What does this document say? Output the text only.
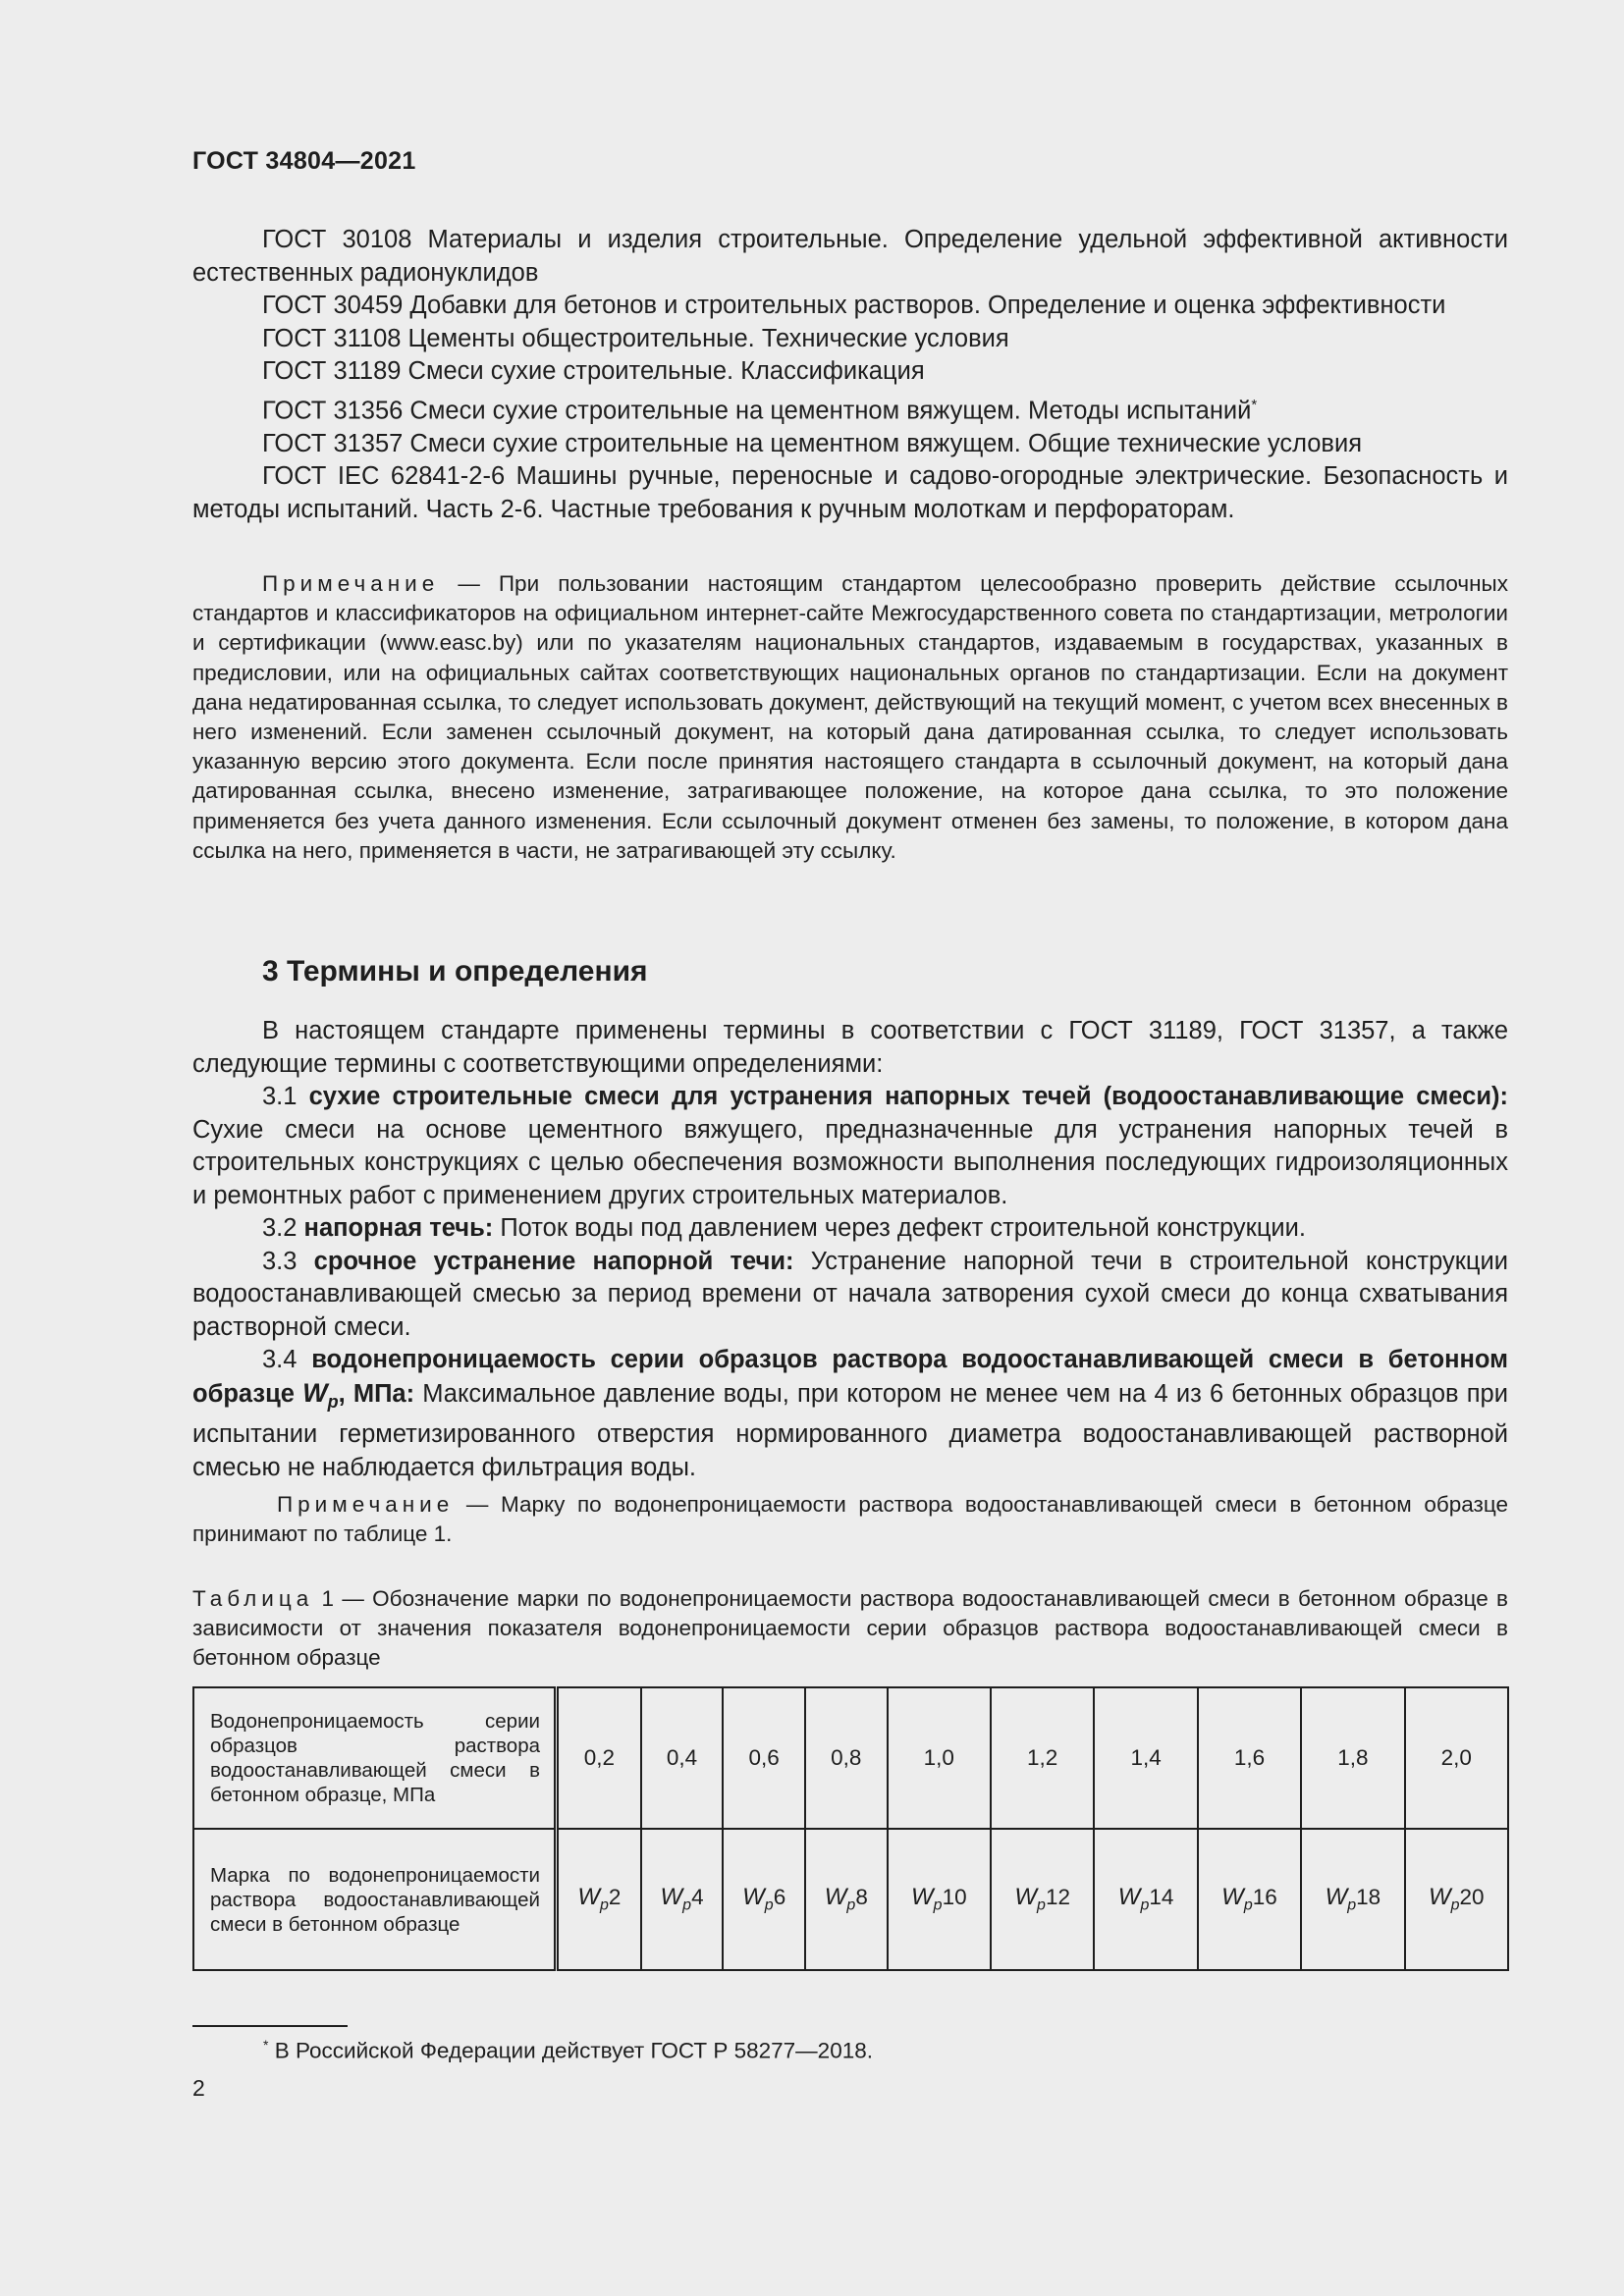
ГОСТ 34804—2021

ГОСТ 30108 Материалы и изделия строительные. Определение удельной эффективной активности естественных радионуклидов

ГОСТ 30459 Добавки для бетонов и строительных растворов. Определение и оценка эффективности

ГОСТ 31108 Цементы общестроительные. Технические условия

ГОСТ 31189 Смеси сухие строительные. Классификация

ГОСТ 31356 Смеси сухие строительные на цементном вяжущем. Методы испытаний*

ГОСТ 31357 Смеси сухие строительные на цементном вяжущем. Общие технические условия

ГОСТ IEC 62841-2-6 Машины ручные, переносные и садово-огородные электрические. Безопасность и методы испытаний. Часть 2-6. Частные требования к ручным молоткам и перфораторам.

Примечание — При пользовании настоящим стандартом целесообразно проверить действие ссылочных стандартов и классификаторов на официальном интернет-сайте Межгосударственного совета по стандартизации, метрологии и сертификации (www.easc.by) или по указателям национальных стандартов, издаваемым в государствах, указанных в предисловии, или на официальных сайтах соответствующих национальных органов по стандартизации. Если на документ дана недатированная ссылка, то следует использовать документ, действующий на текущий момент, с учетом всех внесенных в него изменений. Если заменен ссылочный документ, на который дана датированная ссылка, то следует использовать указанную версию этого документа. Если после принятия настоящего стандарта в ссылочный документ, на который дана датированная ссылка, внесено изменение, затрагивающее положение, на которое дана ссылка, то это положение применяется без учета данного изменения. Если ссылочный документ отменен без замены, то положение, в котором дана ссылка на него, применяется в части, не затрагивающей эту ссылку.
3 Термины и определения

В настоящем стандарте применены термины в соответствии с ГОСТ 31189, ГОСТ 31357, а также следующие термины с соответствующими определениями:

3.1 сухие строительные смеси для устранения напорных течей (водоостанавливающие смеси): Сухие смеси на основе цементного вяжущего, предназначенные для устранения напорных течей в строительных конструкциях с целью обеспечения возможности выполнения последующих гидроизоляционных и ремонтных работ с применением других строительных материалов.

3.2 напорная течь: Поток воды под давлением через дефект строительной конструкции.

3.3 срочное устранение напорной течи: Устранение напорной течи в строительной конструкции водоостанавливающей смесью за период времени от начала затворения сухой смеси до конца схватывания растворной смеси.

3.4 водонепроницаемость серии образцов раствора водоостанавливающей смеси в бетонном образце $W_p$, МПа: Максимальное давление воды, при котором не менее чем на 4 из 6 бетонных образцов при испытании герметизированного отверстия нормированного диаметра водоостанавливающей растворной смесью не наблюдается фильтрация воды.

Примечание — Марку по водонепроницаемости раствора водоостанавливающей смеси в бетонном образце принимают по таблице 1.
Таблица 1 — Обозначение марки по водонепроницаемости раствора водоостанавливающей смеси в бетонном образце в зависимости от значения показателя водонепроницаемости серии образцов раствора водоостанавливающей смеси в бетонном образце
Водонепроницаемость серии образцов раствора водоостанавливающей смеси в бетонном образце, МПа	0,2	0,4	0,6	0,8	1,0	1,2	1,4	1,6	1,8	2,0
Марка по водонепроницаемости раствора водоостанавливающей смеси в бетонном образце	$W_p2$	$W_p4$	$W_p6$	$W_p8$	$W_p10$	$W_p12$	$W_p14$	$W_p16$	$W_p18$	$W_p20$
* В Российской Федерации действует ГОСТ Р 58277—2018.
2
